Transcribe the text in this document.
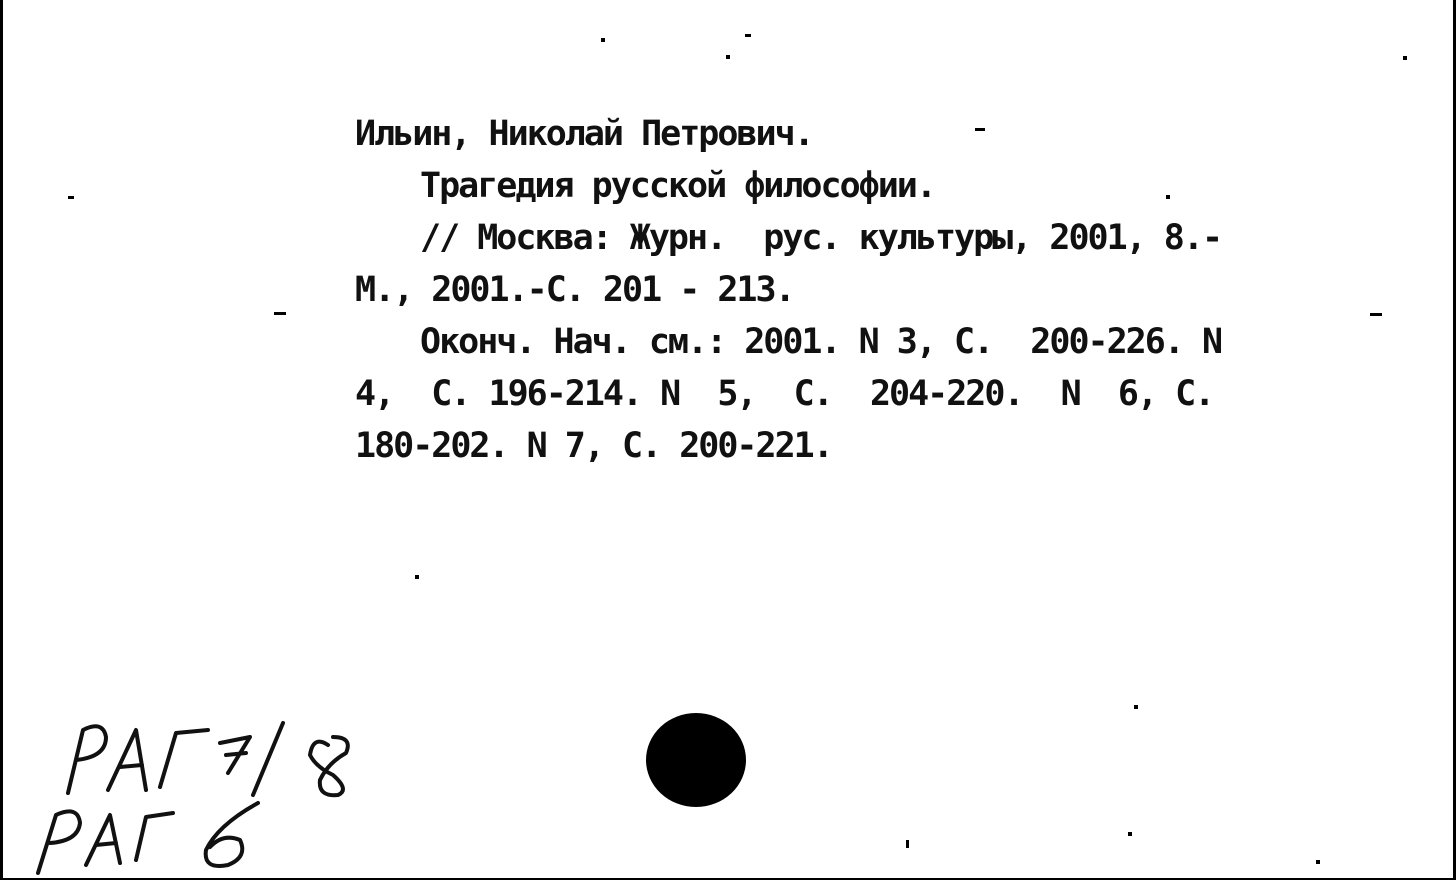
Ильин, Николай Петрович.
Трагедия русской философии.
// Москва: Журн.  рус. культуры, 2001, 8.-
М., 2001.-С. 201 - 213.
Оконч. Нач. см.: 2001. N 3, С.  200-226. N
4,  С. 196-214. N  5,  С.  204-220.  N  6, С.
180-202. N 7, С. 200-221.
